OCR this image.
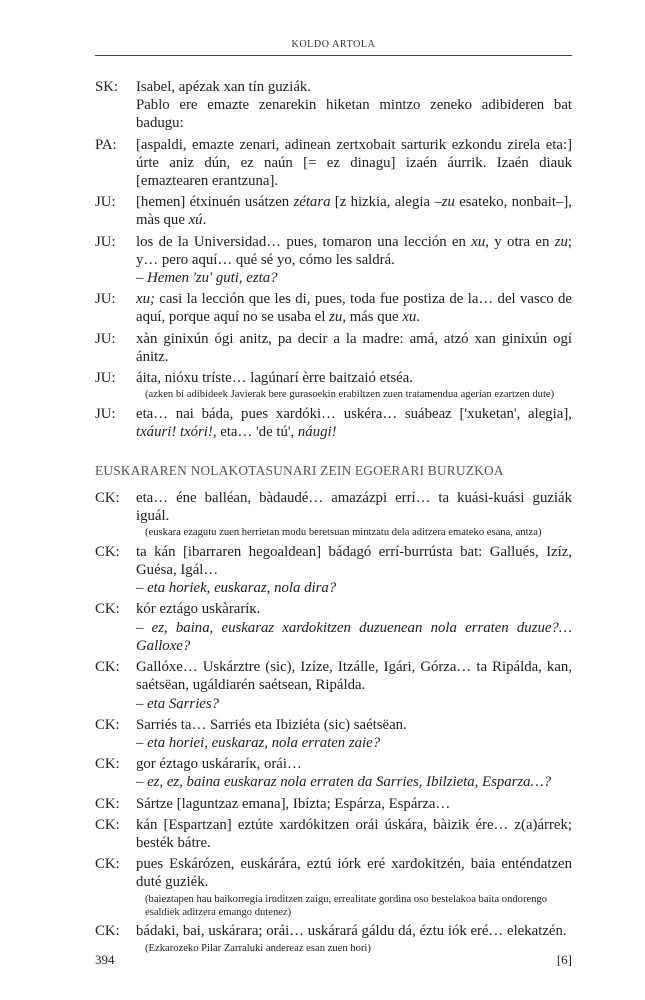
KOLDO ARTOLA
SK:	Isabel, apézak xan tín guziák.
Pablo ere emazte zenarekin hiketan mintzo zeneko adibideren bat badugu:
PA:	[aspaldi, emazte zenari, adinean zertxobait sarturik ezkondu zirela eta:] úrte aniz dún, ez naún [= ez dinagu] izaén áurrik. Izaén diauk [emaztearen erantzuna].
JU:	[hemen] étxinuén usátzen zétara [z hizkia, alegia –zu esateko, nonbait–], màs que xú.
JU:	los de la Universidad… pues, tomaron una lección en xu, y otra en zu; y… pero aquí… qué sé yo, cómo les saldrá.
– Hemen 'zu' guti, ezta?
JU:	xu; casi la lección que les di, pues, toda fue postiza de la… del vasco de aquí, porque aquí no se usaba el zu, más que xu.
JU:	xàn ginixún ógi anitz, pa decir a la madre: amá, atzó xan ginixún ogí ánitz.
JU:	áita, nióxu tríste… lagúnarí èrre baitzaió etséa.
(azken bi adibideek Javierak bere gurasoekin erabiltzen zuen tratamendua agerian ezartzen dute)
JU:	eta… nai báda, pues xardóki… uskéra… suábeaz ['xuketan', alegia], txáuri! txóri!, eta… 'de tú', náugi!
EUSKARAREN NOLAKOTASUNARI ZEIN EGOERARI BURUZKOA
CK:	eta… éne balléan, bàdaudé… amazázpi errí… ta kuási-kuási guziák iguál.
(euskara ezagutu zuen herrietan modu beretsuan mintzatu dela aditzera emateko esana, antza)
CK:	ta kán [ibarraren hegoaldean] bádagó errí-burrústa bat: Gallués, Izíz, Guésa, Igál…
– eta horiek, euskaraz, nola dira?
CK:	kór eztágo uskàraríк.
– ez, baina, euskaraz xardokitzen duzuenean nola erraten duzue?… Galloxe?
CK:	Gallóxe… Uskárztre (sic), Izíze, Itzálle, Igári, Górza… ta Ripálda, kan, saétsëan, ugáldiarén saétsean, Ripálda.
– eta Sarries?
CK:	Sarriés ta… Sarriés eta Ibiziéta (sic) saétsëan.
– eta horiei, euskaraz, nola erraten zaie?
CK:	gor éztago uskáraríк, orái…
– ez, ez, baina euskaraz nola erraten da Sarries, Ibilzieta, Esparza…?
CK:	Sártze [laguntzaz emana], Ibízta; Espárza, Espárza…
CK:	kán [Espartzan] eztúte xardókitzen orái úskára, bàizik ére… z(a)árrek; besték bátre.
CK:	pues Eskárózen, euskárára, eztú iórk eré xardokitzén, baia enténdatzen duté guziék.
(baieztapen hau baikorregia iruditzen zaigu, errealitate gordina oso bestelakoa baita ondorengo esaldiek aditzera emango dutenez)
CK:	bádaki, bai, uskárara; orái… uskárará gáldu dá, éztu iók eré… elekatzén.
(Ezkarozeko Pilar Zarraluki andereaz esan zuen hori)
394	[6]
